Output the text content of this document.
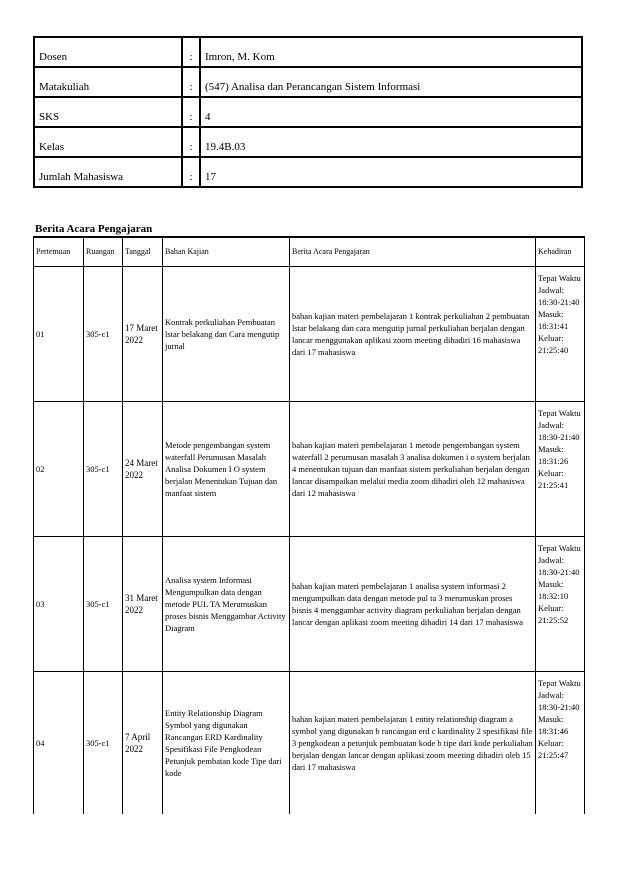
Dosen	:	Imron, M. Kom
Matakuliah	:	(547) Analisa dan Perancangan Sistem Informasi
SKS	:	4
Kelas	:	19.4B.03
Jumlah Mahasiswa	:	17
Berita Acara Pengajaran
Pertemuan	Ruangan	Tanggal	Bahan Kajian	Berita Acara Pengajaran	Kehadiran
01	305-c1	17 Maret 2022	Kontrak perkuliahan Pembuatan lstar belakang dan Cara mengutip jurnal	bahan kajian materi pembelajaran 1 kontrak perkuliahan 2 pembuatan lstar belakang dan cara mengutip jurnal perkuliahan berjalan dengan lancar menggunakan aplikasi zoom meeting dihadiri 16 mahasiswa dari 17 mahasiswa	Tepat Waktu Jadwal: 18:30-21:40 Masuk: 18:31:41 Keluar: 21:25:40
02	305-c1	24 Maret 2022	Metode pengembangan system waterfall Perumusan Masalah Analisa Dokumen I O system berjalan Menentukan Tujuan dan manfaat sistem	bahan kajian materi pembelajaran 1 metode pengembangan system waterfall 2 perumusan masalah 3 analisa dokumen i o system berjalan 4 menentukan tujuan dan manfaat sistem perkuliahan berjalan dengan lancar disampaikan melalui media zoom dihadiri oleh 12 mahasiswa dari 12 mahasiswa	Tepat Waktu Jadwal: 18:30-21:40 Masuk: 18:31:26 Keluar: 21:25:41
03	305-c1	31 Maret 2022	Analisa system Informasi Mengumpulkan data dengan metode PUL TA Merumuskan proses bisnis Menggambar Activity Diagram	bahan kajian materi pembelajaran 1 analisa system informasi 2 mengumpulkan data dengan metode pul ta 3 merumuskan proses bisnis 4 menggambar activity diagram perkuliahan berjalan dengan lancar dengan aplikasi zoom meeting dihadiri 14 dari 17 mahasiswa	Tepat Waktu Jadwal: 18:30-21:40 Masuk: 18:32:10 Keluar: 21:25:52
04	305-c1	7 April 2022	Entity Relationship Diagram Symbol yang digunakan Rancangan ERD Kardinality Spesifikasi File Pengkodean Petunjuk pembatan kode Tipe dari kode	bahan kajian materi pembelajaran 1 entity relationship diagram a symbol yang digunakan b rancangan erd c kardinality 2 spesifikasi file 3 pengkodean a petunjuk pembuatan kode b tipe dari kode perkuliahan berjalan dengan lancar dengan aplikasi zoom meeting dihadiri oleh 15 dari 17 mahasiswa	Tepat Waktu Jadwal: 18:30-21:40 Masuk: 18:31:46 Keluar: 21:25:47
